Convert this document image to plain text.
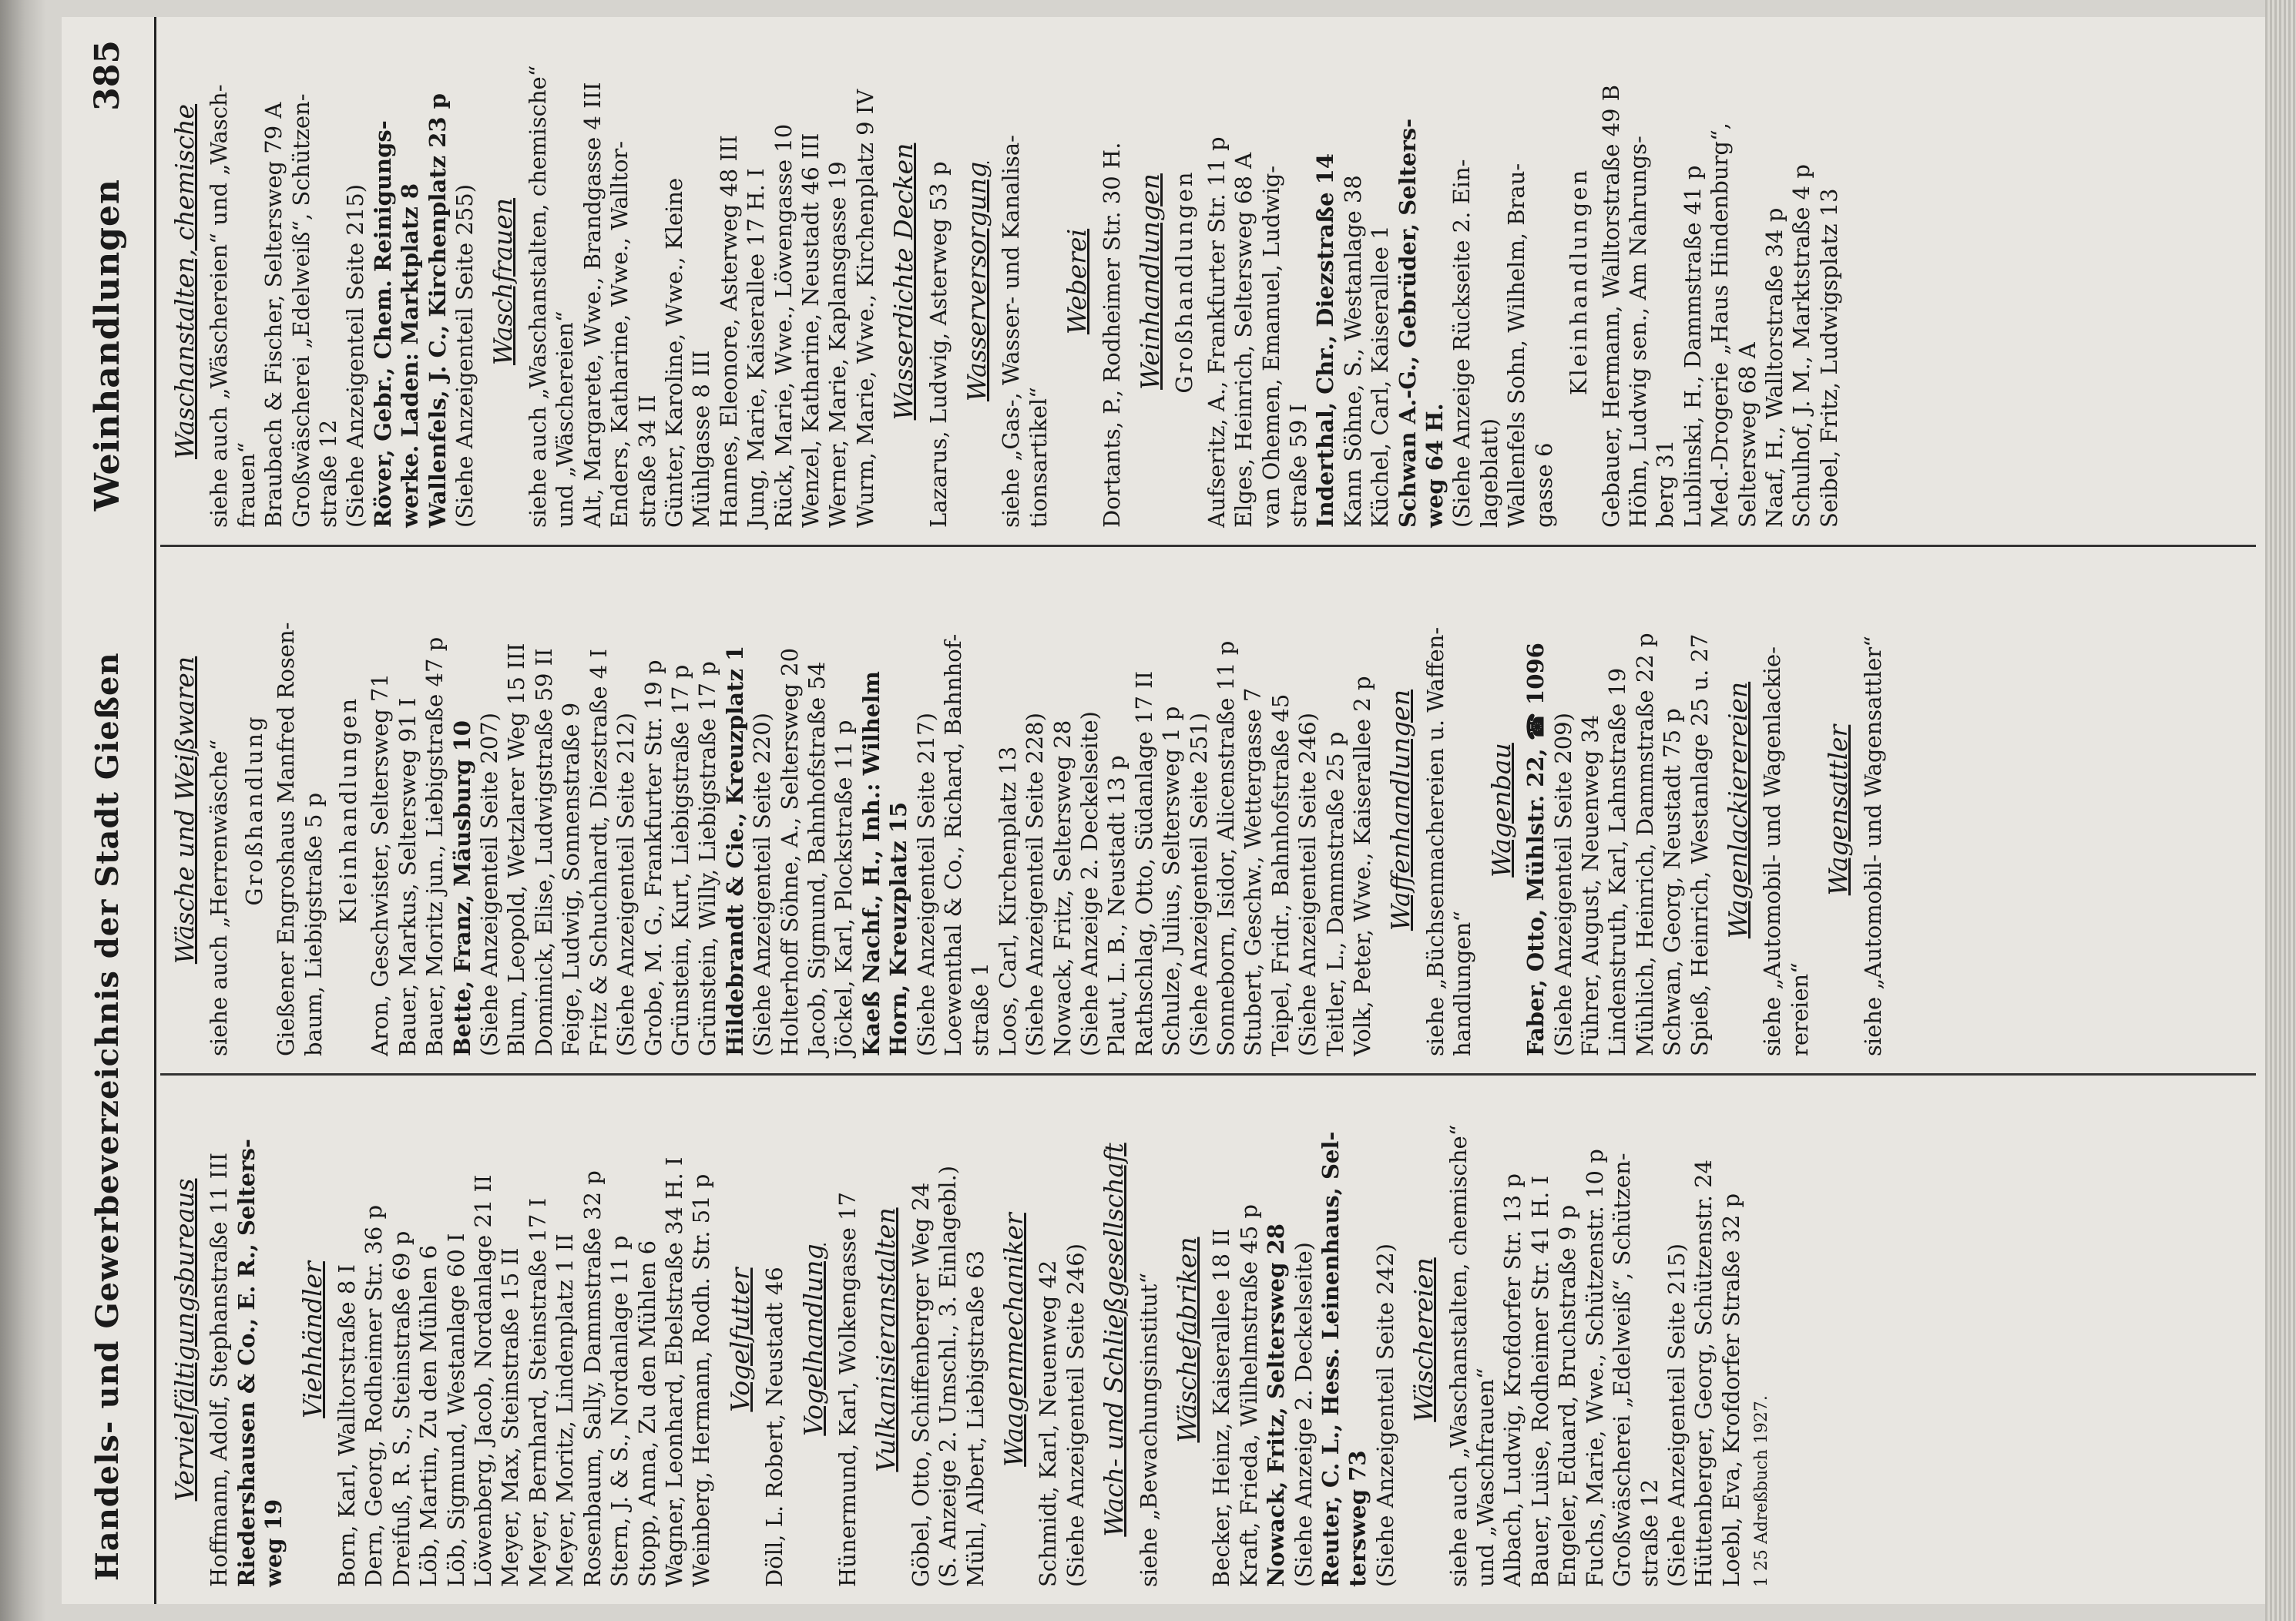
Handels- und Gewerbeverzeichnis der Stadt Gießen
Weinhandlungen
385
Vervielfältigungsbureaus Hoffmann, Adolf, Stephanstraße 11 III Riedershausen & Co., E. R., Selters- weg 19
Viehhändler Born, Karl, Walltorstraße 8 I Dern, Georg, Rodheimer Str. 36 p Dreifuß, R. S., Steinstraße 69 p Löb, Martin, Zu den Mühlen 6 Löb, Sigmund, Westanlage 60 I Löwenberg, Jacob, Nordanlage 21 II Meyer, Max, Steinstraße 15 II Meyer, Bernhard, Steinstraße 17 I Meyer, Moritz, Lindenplatz 1 II Rosenbaum, Sally, Dammstraße 32 p Stern, J. & S., Nordanlage 11 p Stopp, Anna, Zu den Mühlen 6 Wagner, Leonhard, Ebelstraße 34 H. I Weinberg, Hermann, Rodh. Str. 51 p Vogelfutter Döll, L. Robert, Neustadt 46 Vogelhandlung Hünermund, Karl, Wolkengasse 17 Vulkanisieranstalten Göbel, Otto, Schiffenberger Weg 24 (S. Anzeige 2. Umschl., 3. Einlagebl.) Mühl, Albert, Liebigstraße 63 Waagenmechaniker Schmidt, Karl, Neuenweg 42 (Siehe Anzeigenteil Seite 246) Wach- und Schließgesellschaft siehe „Bewachungsinstitut“ Wäschefabriken Becker, Heinz, Kaiserallee 18 II Kraft, Frieda, Wilhelmstraße 45 p Nowack, Fritz, Seltersweg 28 (Siehe Anzeige 2. Deckelseite) Reuter, C. L., Hess. Leinenhaus, Sel- tersweg 73 (Siehe Anzeigenteil Seite 242) Wäschereien siehe auch „Waschanstalten, chemische“ und „Waschfrauen“ Albach, Ludwig, Krofdorfer Str. 13 p Bauer, Luise, Rodheimer Str. 41 H. I Engeler, Eduard, Bruchstraße 9 p Fuchs, Marie, Wwe., Schützenstr. 10 p Großwäscherei „Edelweiß“, Schützen- straße 12 (Siehe Anzeigenteil Seite 215) Hüttenberger, Georg, Schützenstr. 24 Loebl, Eva, Krofdorfer Straße 32 p 1 25 Adreßbuch 1927.
Wäsche und Weißwaren siehe auch „Herrenwäsche“ Großhandlung Gießener Engroshaus Manfred Rosen- baum, Liebigstraße 5 p Kleinhandlungen Aron, Geschwister, Seltersweg 71 Bauer, Markus, Seltersweg 91 I Bauer, Moritz jun., Liebigstraße 47 p Bette, Franz, Mäusburg 10 (Siehe Anzeigenteil Seite 207) Blum, Leopold, Wetzlarer Weg 15 III Dominick, Elise, Ludwigstraße 59 II Feige, Ludwig, Sonnenstraße 9 Fritz & Schuchhardt, Diezstraße 4 I (Siehe Anzeigenteil Seite 212) Grobe, M. G., Frankfurter Str. 19 p Grünstein, Kurt, Liebigstraße 17 p Grünstein, Willy, Liebigstraße 17 p Hildebrandt & Cie., Kreuzplatz 1 (Siehe Anzeigenteil Seite 220) Holterhoff Söhne, A., Seltersweg 20 Jacob, Sigmund, Bahnhofstraße 54 Jöckel, Karl, Plockstraße 11 p Kaeß Nachf., H., Inh.: Wilhelm Horn, Kreuzplatz 15 (Siehe Anzeigenteil Seite 217) Loewenthal & Co., Richard, Bahnhof- straße 1 Loos, Carl, Kirchenplatz 13 (Siehe Anzeigenteil Seite 228) Nowack, Fritz, Seltersweg 28 (Siehe Anzeige 2. Deckelseite) Plaut, L. B., Neustadt 13 p Rathschlag, Otto, Südanlage 17 II Schulze, Julius, Seltersweg 1 p (Siehe Anzeigenteil Seite 251) Sonneborn, Isidor, Alicenstraße 11 p Stubert, Geschw., Wettergasse 7 Teipel, Fridr., Bahnhofstraße 45 (Siehe Anzeigenteil Seite 246) Teitler, L., Dammstraße 25 p Volk, Peter, Wwe., Kaiserallee 2 p Waffenhandlungen siehe „Büchsenmachereien u. Waffen- handlungen“
Wagenbau Faber, Otto, Mühlstr. 22, ☎ 1096 (Siehe Anzeigenteil Seite 209) Führer, August, Neuenweg 34 Lindenstruth, Karl, Lahnstraße 19 Mühlich, Heinrich, Dammstraße 22 p Schwan, Georg, Neustadt 75 p Spieß, Heinrich, Westanlage 25 u. 27 Wagenlackierereien siehe „Automobil- und Wagenlackie- rereien“
Wagensattler siehe „Automobil- und Wagensattler“
Waschanstalten, chemische siehe auch „Wäschereien“ und „Wasch- frauen“ Braubach & Fischer, Seltersweg 79 A Großwäscherei „Edelweiß“, Schützen- straße 12 (Siehe Anzeigenteil Seite 215) Röver, Gebr., Chem. Reinigungs- werke. Laden: Marktplatz 8 Wallenfels, J. C., Kirchenplatz 23 p (Siehe Anzeigenteil Seite 255) Waschfrauen siehe auch „Waschanstalten, chemische“ und „Wäschereien“ Alt, Margarete, Wwe., Brandgasse 4 III Enders, Katharine, Wwe., Walltor- straße 34 II Günter, Karoline, Wwe., Kleine Mühlgasse 8 III Hannes, Eleonore, Asterweg 48 III Jung, Marie, Kaiserallee 17 H. I Rück, Marie, Wwe., Löwengasse 10 Wenzel, Katharine, Neustadt 46 III Werner, Marie, Kaplansgasse 19 Wurm, Marie, Wwe., Kirchenplatz 9 IV Wasserdichte Decken Lazarus, Ludwig, Asterweg 53 p Wasserversorgung siehe „Gas-, Wasser- und Kanalisa- tionsartikel“
Weberei Dortants, P., Rodheimer Str. 30 H. Weinhandlungen Großhandlungen Aufseritz, A., Frankfurter Str. 11 p Elges, Heinrich, Seltersweg 68 A van Ohemen, Emanuel, Ludwig- straße 59 I Inderthal, Chr., Diezstraße 14 Kann Söhne, S., Westanlage 38 Küchel, Carl, Kaiserallee 1 Schwan A.-G., Gebrüder, Selters- weg 64 H. (Siehe Anzeige Rückseite 2. Ein- lageblatt) Wallenfels Sohn, Wilhelm, Brau- gasse 6
Kleinhandlungen Gebauer, Hermann, Walltorstraße 49 B Höhn, Ludwig sen., Am Nahrungs- berg 31 Lublinski, H., Dammstraße 41 p Med.-Drogerie „Haus Hindenburg“, Seltersweg 68 A Naaf, H., Walltorstraße 34 p Schulhof, J. M., Marktstraße 4 p Seibel, Fritz, Ludwigsplatz 13
